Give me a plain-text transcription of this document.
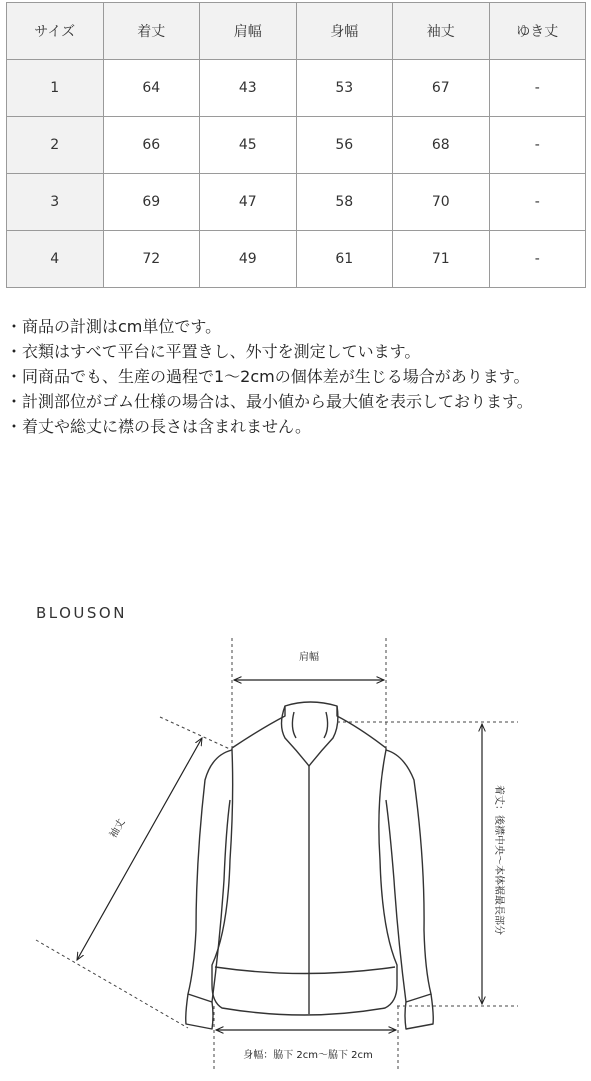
サイズ	着丈	肩幅	身幅	袖丈	ゆき丈
1	64	43	53	67	-
2	66	45	56	68	-
3	69	47	58	70	-
4	72	49	61	71	-
・商品の計測はcm単位です。
・衣類はすべて平台に平置きし、外寸を測定しています。
・同商品でも、生産の過程で1〜2cmの個体差が生じる場合があります。
・計測部位がゴム仕様の場合は、最小値から最大値を表示しております。
・着丈や総丈に襟の長さは含まれません。
BLOUSON
肩幅
袖丈	着丈：後襟中央〜本体裾最長部分
身幅：脇下 2cm〜脇下 2cm
